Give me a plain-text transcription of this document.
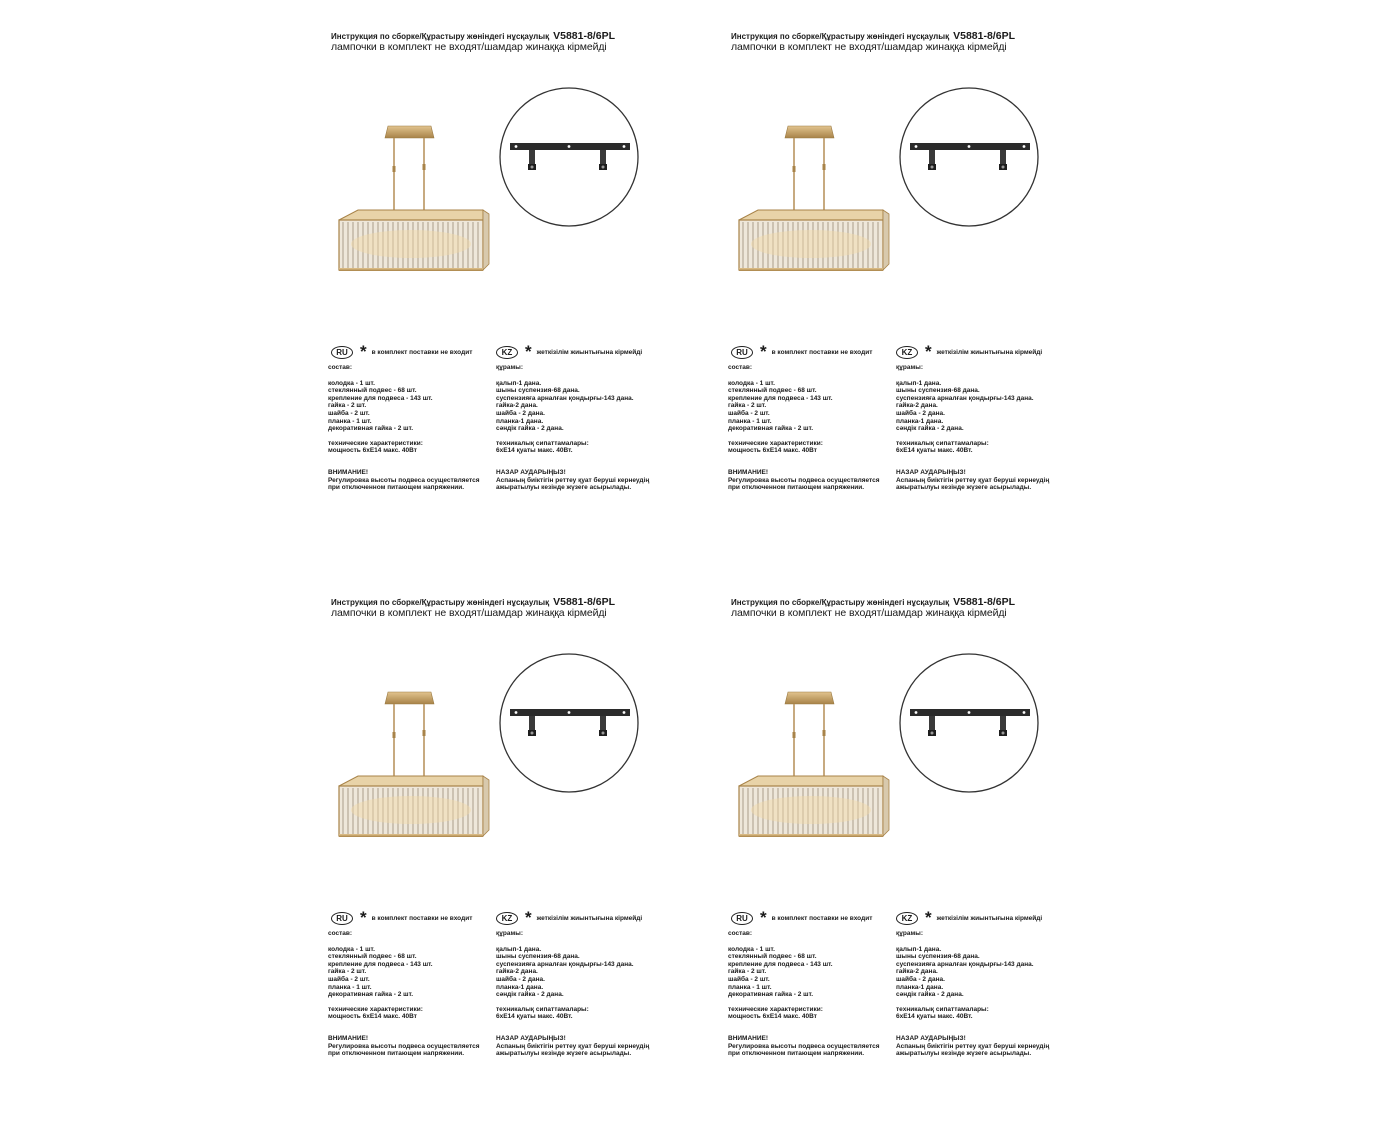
Инструкция по сборке/Құрастыру жөніндегі нұсқаулық V5881-8/6PL
лампочки в комплект не входят/шамдар жинаққа кірмейді
RU * в комплект поставки не входит	KZ * жеткізілім жиынтығына кірмейді
состав:
колодка - 1 шт.
стеклянный подвес - 68 шт.
крепление для подвеса - 143 шт.
гайка - 2 шт.
шайба - 2 шт.
планка - 1 шт.
декоративная гайка - 2 шт.
технические характеристики:
мощность 6xE14 макс. 40Вт
ВНИМАНИЕ!
Регулировка высоты подвеса осуществляется
при отключенном питающем напряжении.
құрамы:
қалып-1 дана.
шыны суспензия-68 дана.
суспензияға арналған қондырғы-143 дана.
гайка-2 дана.
шайба - 2 дана.
планка-1 дана.
сәндік гайка - 2 дана.
техникалық сипаттамалары:
6xE14 қуаты макс. 40Вт.
НАЗАР АУДАРЫҢЫЗ!
Аспаның биіктігін реттеу қуат беруші кернеудің
ажыратылуы кезінде жүзеге асырылады.
Инструкция по сборке/Құрастыру жөніндегі нұсқаулық V5881-8/6PL
лампочки в комплект не входят/шамдар жинаққа кірмейді
RU * в комплект поставки не входит	KZ * жеткізілім жиынтығына кірмейді
состав:
колодка - 1 шт.
стеклянный подвес - 68 шт.
крепление для подвеса - 143 шт.
гайка - 2 шт.
шайба - 2 шт.
планка - 1 шт.
декоративная гайка - 2 шт.
технические характеристики:
мощность 6xE14 макс. 40Вт
ВНИМАНИЕ!
Регулировка высоты подвеса осуществляется
при отключенном питающем напряжении.
құрамы:
қалып-1 дана.
шыны суспензия-68 дана.
суспензияға арналған қондырғы-143 дана.
гайка-2 дана.
шайба - 2 дана.
планка-1 дана.
сәндік гайка - 2 дана.
техникалық сипаттамалары:
6xE14 қуаты макс. 40Вт.
НАЗАР АУДАРЫҢЫЗ!
Аспаның биіктігін реттеу қуат беруші кернеудің
ажыратылуы кезінде жүзеге асырылады.
Инструкция по сборке/Құрастыру жөніндегі нұсқаулық V5881-8/6PL
лампочки в комплект не входят/шамдар жинаққа кірмейді
RU * в комплект поставки не входит	KZ * жеткізілім жиынтығына кірмейді
состав:
колодка - 1 шт.
стеклянный подвес - 68 шт.
крепление для подвеса - 143 шт.
гайка - 2 шт.
шайба - 2 шт.
планка - 1 шт.
декоративная гайка - 2 шт.
технические характеристики:
мощность 6xE14 макс. 40Вт
ВНИМАНИЕ!
Регулировка высоты подвеса осуществляется
при отключенном питающем напряжении.
құрамы:
қалып-1 дана.
шыны суспензия-68 дана.
суспензияға арналған қондырғы-143 дана.
гайка-2 дана.
шайба - 2 дана.
планка-1 дана.
сәндік гайка - 2 дана.
техникалық сипаттамалары:
6xE14 қуаты макс. 40Вт.
НАЗАР АУДАРЫҢЫЗ!
Аспаның биіктігін реттеу қуат беруші кернеудің
ажыратылуы кезінде жүзеге асырылады.
Инструкция по сборке/Құрастыру жөніндегі нұсқаулық V5881-8/6PL
лампочки в комплект не входят/шамдар жинаққа кірмейді
RU * в комплект поставки не входит	KZ * жеткізілім жиынтығына кірмейді
состав:
колодка - 1 шт.
стеклянный подвес - 68 шт.
крепление для подвеса - 143 шт.
гайка - 2 шт.
шайба - 2 шт.
планка - 1 шт.
декоративная гайка - 2 шт.
технические характеристики:
мощность 6xE14 макс. 40Вт
ВНИМАНИЕ!
Регулировка высоты подвеса осуществляется
при отключенном питающем напряжении.
құрамы:
қалып-1 дана.
шыны суспензия-68 дана.
суспензияға арналған қондырғы-143 дана.
гайка-2 дана.
шайба - 2 дана.
планка-1 дана.
сәндік гайка - 2 дана.
техникалық сипаттамалары:
6xE14 қуаты макс. 40Вт.
НАЗАР АУДАРЫҢЫЗ!
Аспаның биіктігін реттеу қуат беруші кернеудің
ажыратылуы кезінде жүзеге асырылады.
